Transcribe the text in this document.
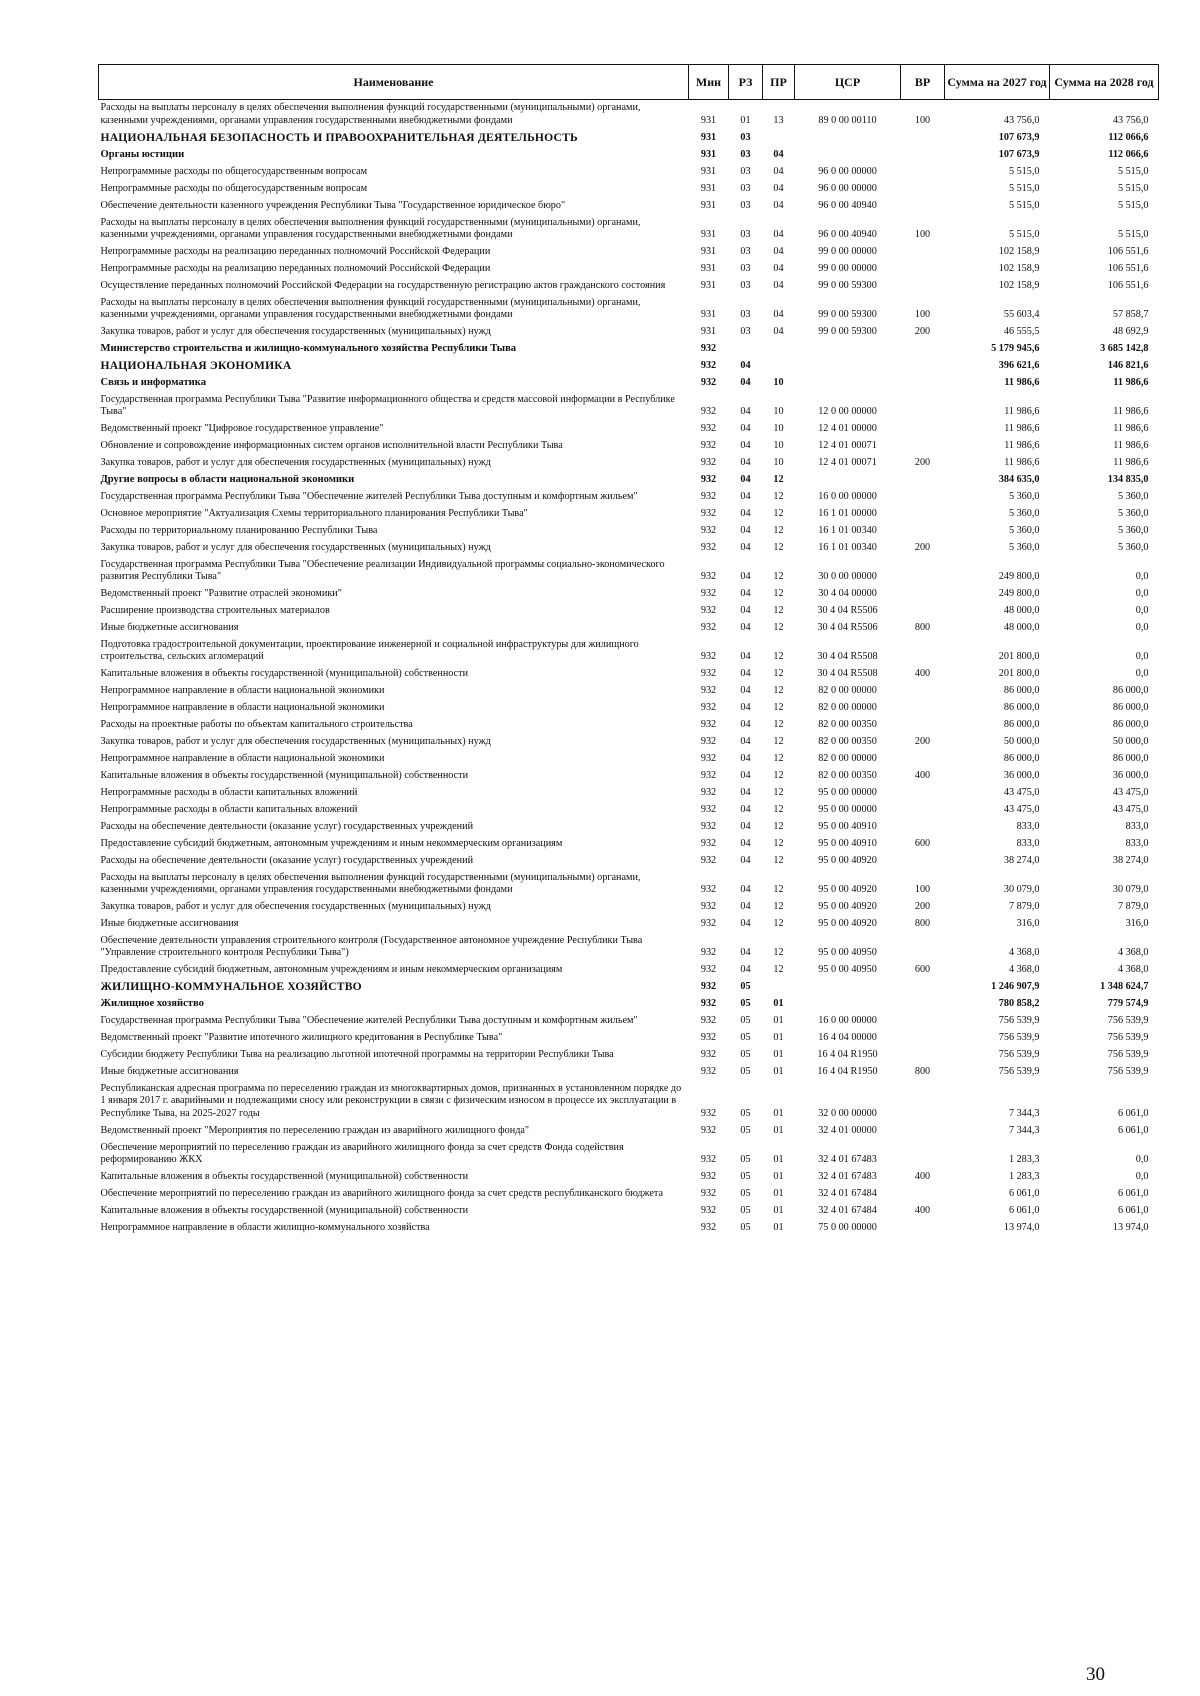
Наименование	Мин	РЗ	ПР	ЦСР	ВР	Сумма на 2027 год	Сумма на 2028 год
Расходы на выплаты персоналу в целях обеспечения выполнения функций государственными (муниципальными) органами, казенными учреждениями, органами управления государственными внебюджетными фондами	931	01	13	89 0 00 00110	100	43 756,0	43 756,0
НАЦИОНАЛЬНАЯ БЕЗОПАСНОСТЬ И ПРАВООХРАНИТЕЛЬНАЯ ДЕЯТЕЛЬНОСТЬ	931	03				107 673,9	112 066,6
Органы юстиции	931	03	04			107 673,9	112 066,6
Непрограммные расходы по общегосударственным вопросам	931	03	04	96 0 00 00000		5 515,0	5 515,0
Непрограммные расходы по общегосударственным вопросам	931	03	04	96 0 00 00000		5 515,0	5 515,0
Обеспечение деятельности казенного учреждения Республики Тыва "Государственное юридическое бюро"	931	03	04	96 0 00 40940		5 515,0	5 515,0
Расходы на выплаты персоналу в целях обеспечения выполнения функций государственными (муниципальными) органами, казенными учреждениями, органами управления государственными внебюджетными фондами	931	03	04	96 0 00 40940	100	5 515,0	5 515,0
Непрограммные расходы на реализацию переданных полномочий Российской Федерации	931	03	04	99 0 00 00000		102 158,9	106 551,6
Непрограммные расходы на реализацию переданных полномочий Российской Федерации	931	03	04	99 0 00 00000		102 158,9	106 551,6
Осуществление переданных полномочий Российской Федерации на государственную регистрацию актов гражданского состояния	931	03	04	99 0 00 59300		102 158,9	106 551,6
Расходы на выплаты персоналу в целях обеспечения выполнения функций государственными (муниципальными) органами, казенными учреждениями, органами управления государственными внебюджетными фондами	931	03	04	99 0 00 59300	100	55 603,4	57 858,7
Закупка товаров, работ и услуг для обеспечения государственных (муниципальных) нужд	931	03	04	99 0 00 59300	200	46 555,5	48 692,9
Министерство строительства и жилищно-коммунального хозяйства Республики Тыва	932					5 179 945,6	3 685 142,8
НАЦИОНАЛЬНАЯ ЭКОНОМИКА	932	04				396 621,6	146 821,6
Связь и информатика	932	04	10			11 986,6	11 986,6
Государственная программа Республики Тыва "Развитие информационного общества и средств массовой информации в Республике Тыва"	932	04	10	12 0 00 00000		11 986,6	11 986,6
Ведомственный проект "Цифровое государственное управление"	932	04	10	12 4 01 00000		11 986,6	11 986,6
Обновление и сопровождение информационных систем органов исполнительной власти Республики Тыва	932	04	10	12 4 01 00071		11 986,6	11 986,6
Закупка товаров, работ и услуг для обеспечения государственных (муниципальных) нужд	932	04	10	12 4 01 00071	200	11 986,6	11 986,6
Другие вопросы в области национальной экономики	932	04	12			384 635,0	134 835,0
Государственная программа Республики Тыва "Обеспечение жителей Республики Тыва доступным и комфортным жильем"	932	04	12	16 0 00 00000		5 360,0	5 360,0
Основное мероприятие "Актуализация Схемы территориального планирования Республики Тыва"	932	04	12	16 1 01 00000		5 360,0	5 360,0
Расходы по территориальному планированию Республики Тыва	932	04	12	16 1 01 00340		5 360,0	5 360,0
Закупка товаров, работ и услуг для обеспечения государственных (муниципальных) нужд	932	04	12	16 1 01 00340	200	5 360,0	5 360,0
Государственная программа Республики Тыва "Обеспечение реализации Индивидуальной программы социально-экономического развития Республики Тыва"	932	04	12	30 0 00 00000		249 800,0	0,0
Ведомственный проект "Развитие отраслей экономики"	932	04	12	30 4 04 00000		249 800,0	0,0
Расширение производства строительных материалов	932	04	12	30 4 04 R5506		48 000,0	0,0
Иные бюджетные ассигнования	932	04	12	30 4 04 R5506	800	48 000,0	0,0
Подготовка градостроительной документации, проектирование инженерной и социальной инфраструктуры для жилищного строительства, сельских агломераций	932	04	12	30 4 04 R5508		201 800,0	0,0
Капитальные вложения в объекты государственной (муниципальной) собственности	932	04	12	30 4 04 R5508	400	201 800,0	0,0
Непрограммное направление в области национальной экономики	932	04	12	82 0 00 00000		86 000,0	86 000,0
Непрограммное направление в области национальной экономики	932	04	12	82 0 00 00000		86 000,0	86 000,0
Расходы на проектные работы по объектам капитального строительства	932	04	12	82 0 00 00350		86 000,0	86 000,0
Закупка товаров, работ и услуг для обеспечения государственных (муниципальных) нужд	932	04	12	82 0 00 00350	200	50 000,0	50 000,0
Непрограммное направление в области национальной экономики	932	04	12	82 0 00 00000		86 000,0	86 000,0
Капитальные вложения в объекты государственной (муниципальной) собственности	932	04	12	82 0 00 00350	400	36 000,0	36 000,0
Непрограммные расходы в области капитальных вложений	932	04	12	95 0 00 00000		43 475,0	43 475,0
Непрограммные расходы в области капитальных вложений	932	04	12	95 0 00 00000		43 475,0	43 475,0
Расходы на обеспечение деятельности (оказание услуг) государственных учреждений	932	04	12	95 0 00 40910		833,0	833,0
Предоставление субсидий бюджетным, автономным учреждениям и иным некоммерческим организациям	932	04	12	95 0 00 40910	600	833,0	833,0
Расходы на обеспечение деятельности (оказание услуг) государственных учреждений	932	04	12	95 0 00 40920		38 274,0	38 274,0
Расходы на выплаты персоналу в целях обеспечения выполнения функций государственными (муниципальными) органами, казенными учреждениями, органами управления государственными внебюджетными фондами	932	04	12	95 0 00 40920	100	30 079,0	30 079,0
Закупка товаров, работ и услуг для обеспечения государственных (муниципальных) нужд	932	04	12	95 0 00 40920	200	7 879,0	7 879,0
Иные бюджетные ассигнования	932	04	12	95 0 00 40920	800	316,0	316,0
Обеспечение деятельности управления строительного контроля (Государственное автономное учреждение Республики Тыва "Управление строительного контроля Республики Тыва")	932	04	12	95 0 00 40950		4 368,0	4 368,0
Предоставление субсидий бюджетным, автономным учреждениям и иным некоммерческим организациям	932	04	12	95 0 00 40950	600	4 368,0	4 368,0
ЖИЛИЩНО-КОММУНАЛЬНОЕ ХОЗЯЙСТВО	932	05				1 246 907,9	1 348 624,7
Жилищное хозяйство	932	05	01			780 858,2	779 574,9
Государственная программа Республики Тыва "Обеспечение жителей Республики Тыва доступным и комфортным жильем"	932	05	01	16 0 00 00000		756 539,9	756 539,9
Ведомственный проект "Развитие ипотечного жилищного кредитования в Республике Тыва"	932	05	01	16 4 04 00000		756 539,9	756 539,9
Субсидии бюджету Республики Тыва на реализацию льготной ипотечной программы на территории Республики Тыва	932	05	01	16 4 04 R1950		756 539,9	756 539,9
Иные бюджетные ассигнования	932	05	01	16 4 04 R1950	800	756 539,9	756 539,9
Республиканская адресная программа по переселению граждан из многоквартирных домов, признанных в установленном порядке до 1 января 2017 г. аварийными и подлежащими сносу или реконструкции в связи с физическим износом в процессе их эксплуатации в Республике Тыва, на 2025-2027 годы	932	05	01	32 0 00 00000		7 344,3	6 061,0
Ведомственный проект "Мероприятия по переселению граждан из аварийного жилищного фонда"	932	05	01	32 4 01 00000		7 344,3	6 061,0
Обеспечение мероприятий по переселению граждан из аварийного жилищного фонда за счет средств Фонда содействия реформированию ЖКХ	932	05	01	32 4 01 67483		1 283,3	0,0
Капитальные вложения в объекты государственной (муниципальной) собственности	932	05	01	32 4 01 67483	400	1 283,3	0,0
Обеспечение мероприятий по переселению граждан из аварийного жилищного фонда за счет средств республиканского бюджета	932	05	01	32 4 01 67484		6 061,0	6 061,0
Капитальные вложения в объекты государственной (муниципальной) собственности	932	05	01	32 4 01 67484	400	6 061,0	6 061,0
Непрограммное направление в области жилищно-коммунального хозяйства	932	05	01	75 0 00 00000		13 974,0	13 974,0
30
